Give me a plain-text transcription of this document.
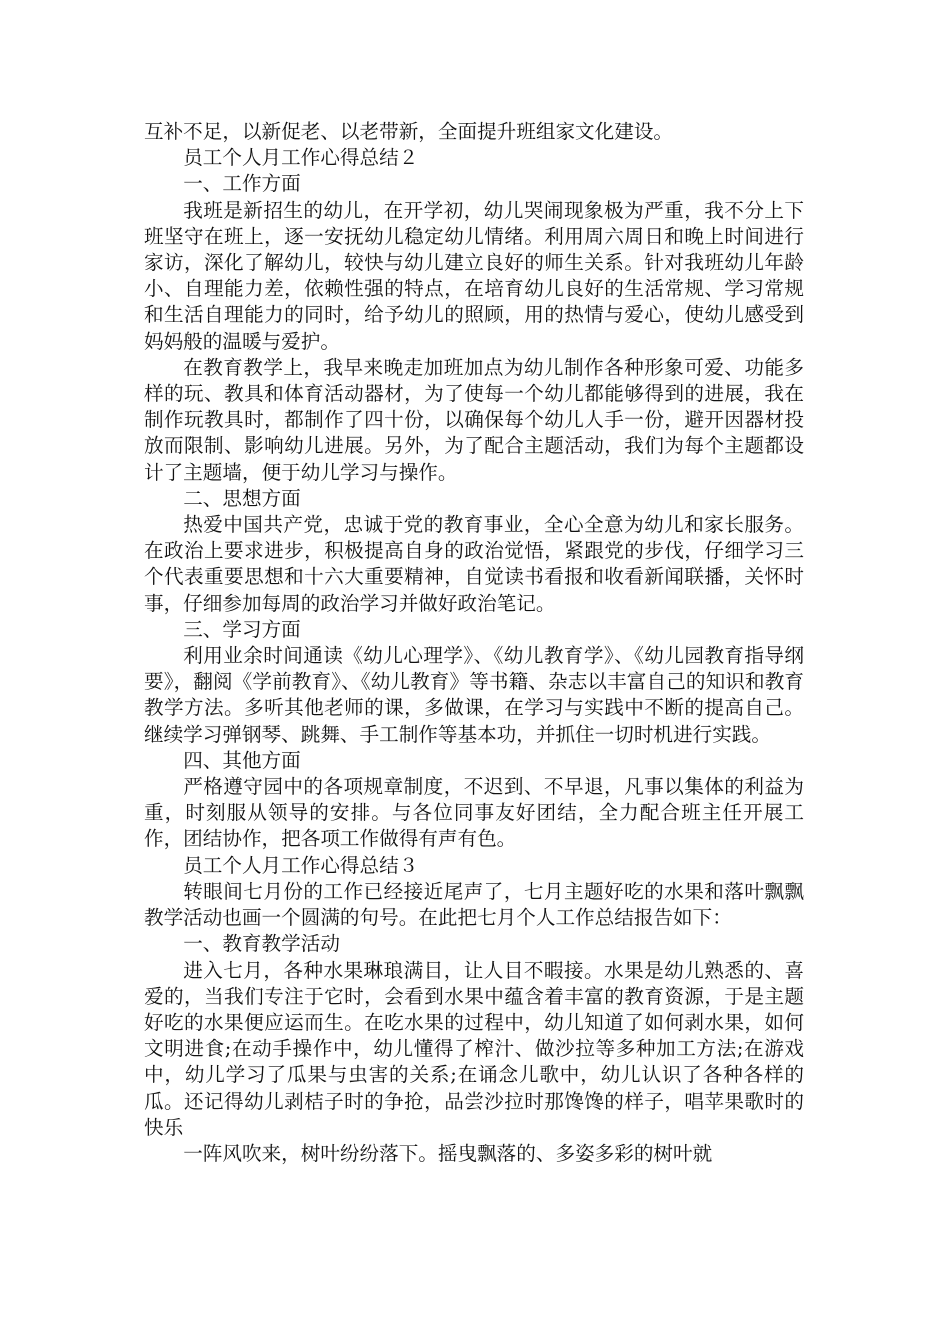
互补不足，以新促老、以老带新，全面提升班组家文化建设。

员工个人月工作心得总结２

一、工作方面

我班是新招生的幼儿，在开学初，幼儿哭闹现象极为严重，我不分上下班坚守在班上，逐一安抚幼儿稳定幼儿情绪。利用周六周日和晚上时间进行家访，深化了解幼儿，较快与幼儿建立良好的师生关系。针对我班幼儿年龄小、自理能力差，依赖性强的特点，在培育幼儿良好的生活常规、学习常规和生活自理能力的同时，给予幼儿的照顾，用的热情与爱心，使幼儿感受到妈妈般的温暖与爱护。

在教育教学上，我早来晚走加班加点为幼儿制作各种形象可爱、功能多样的玩、教具和体育活动器材，为了使每一个幼儿都能够得到的进展，我在制作玩教具时，都制作了四十份，以确保每个幼儿人手一份，避开因器材投放而限制、影响幼儿进展。另外，为了配合主题活动，我们为每个主题都设计了主题墙，便于幼儿学习与操作。

二、思想方面

热爱中国共产党，忠诚于党的教育事业，全心全意为幼儿和家长服务。在政治上要求进步，积极提高自身的政治觉悟，紧跟党的步伐，仔细学习三个代表重要思想和十六大重要精神，自觉读书看报和收看新闻联播，关怀时事，仔细参加每周的政治学习并做好政治笔记。

三、学习方面

利用业余时间通读《幼儿心理学》、《幼儿教育学》、《幼儿园教育指导纲要》，翻阅《学前教育》、《幼儿教育》等书籍、杂志以丰富自己的知识和教育教学方法。多听其他老师的课，多做课，在学习与实践中不断的提高自己。继续学习弹钢琴、跳舞、手工制作等基本功，并抓住一切时机进行实践。

四、其他方面

严格遵守园中的各项规章制度，不迟到、不早退，凡事以集体的利益为重，时刻服从领导的安排。与各位同事友好团结，全力配合班主任开展工作，团结协作，把各项工作做得有声有色。

员工个人月工作心得总结３

转眼间七月份的工作已经接近尾声了，七月主题好吃的水果和落叶飘飘教学活动也画一个圆满的句号。在此把七月个人工作总结报告如下：

一、教育教学活动

进入七月，各种水果琳琅满目，让人目不暇接。水果是幼儿熟悉的、喜爱的，当我们专注于它时，会看到水果中蕴含着丰富的教育资源，于是主题好吃的水果便应运而生。在吃水果的过程中，幼儿知道了如何剥水果，如何文明进食;在动手操作中，幼儿懂得了榨汁、做沙拉等多种加工方法;在游戏中，幼儿学习了瓜果与虫害的关系;在诵念儿歌中，幼儿认识了各种各样的瓜。还记得幼儿剥桔子时的争抢，品尝沙拉时那馋馋的样子，唱苹果歌时的快乐

一阵风吹来，树叶纷纷落下。摇曳飘落的、多姿多彩的树叶就
